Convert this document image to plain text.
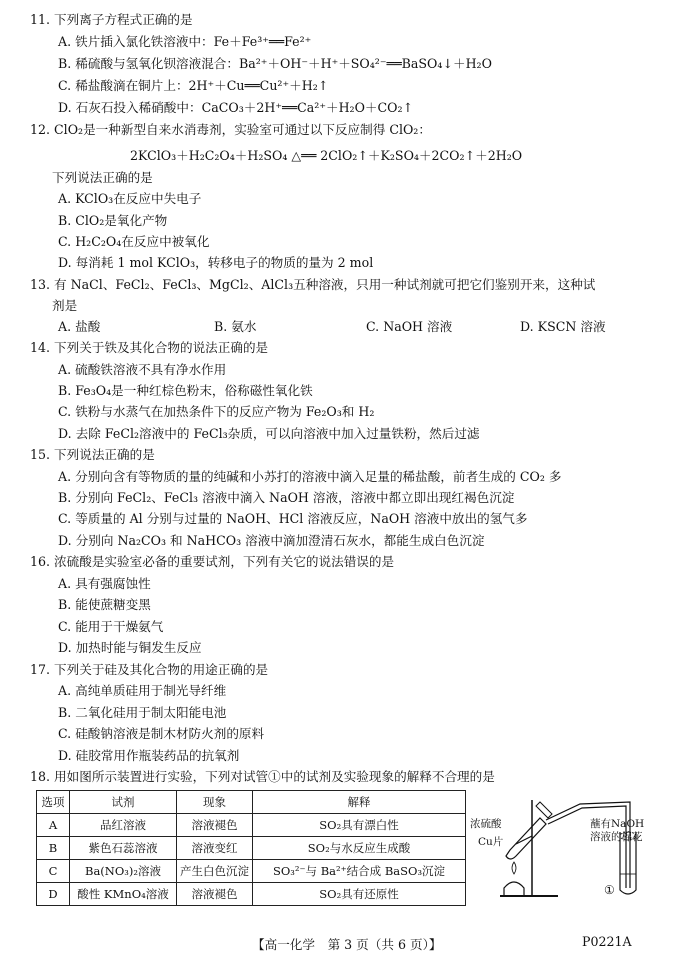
11. 下列离子方程式正确的是
A. 铁片插入氯化铁溶液中：Fe＋Fe³⁺══Fe²⁺
B. 稀硫酸与氢氧化钡溶液混合：Ba²⁺＋OH⁻＋H⁺＋SO₄²⁻══BaSO₄↓＋H₂O
C. 稀盐酸滴在铜片上：2H⁺＋Cu══Cu²⁺＋H₂↑
D. 石灰石投入稀硝酸中：CaCO₃＋2H⁺══Ca²⁺＋H₂O＋CO₂↑
12. ClO₂是一种新型自来水消毒剂，实验室可通过以下反应制得 ClO₂：
2KClO₃＋H₂C₂O₄＋H₂SO₄ △══ 2ClO₂↑＋K₂SO₄＋2CO₂↑＋2H₂O
下列说法正确的是
A. KClO₃在反应中失电子
B. ClO₂是氧化产物
C. H₂C₂O₄在反应中被氧化
D. 每消耗 1 mol KClO₃，转移电子的物质的量为 2 mol
13. 有 NaCl、FeCl₂、FeCl₃、MgCl₂、AlCl₃五种溶液，只用一种试剂就可把它们鉴别开来，这种试
剂是
A. 盐酸	B. 氨水	C. NaOH 溶液	D. KSCN 溶液
14. 下列关于铁及其化合物的说法正确的是
A. 硫酸铁溶液不具有净水作用
B. Fe₃O₄是一种红棕色粉末，俗称磁性氧化铁
C. 铁粉与水蒸气在加热条件下的反应产物为 Fe₂O₃和 H₂
D. 去除 FeCl₂溶液中的 FeCl₃杂质，可以向溶液中加入过量铁粉，然后过滤
15. 下列说法正确的是
A. 分别向含有等物质的量的纯碱和小苏打的溶液中滴入足量的稀盐酸，前者生成的 CO₂ 多
B. 分别向 FeCl₂、FeCl₃ 溶液中滴入 NaOH 溶液，溶液中都立即出现红褐色沉淀
C. 等质量的 Al 分别与过量的 NaOH、HCl 溶液反应，NaOH 溶液中放出的氢气多
D. 分别向 Na₂CO₃ 和 NaHCO₃ 溶液中滴加澄清石灰水，都能生成白色沉淀
16. 浓硫酸是实验室必备的重要试剂，下列有关它的说法错误的是
A. 具有强腐蚀性
B. 能使蔗糖变黑
C. 能用于干燥氨气
D. 加热时能与铜发生反应
17. 下列关于硅及其化合物的用途正确的是
A. 高纯单质硅用于制光导纤维
B. 二氧化硅用于制太阳能电池
C. 硅酸钠溶液是制木材防火剂的原料
D. 硅胶常用作瓶装药品的抗氧剂
18. 用如图所示装置进行实验，下列对试管①中的试剂及实验现象的解释不合理的是
选项	试剂	现象	解释
A	品红溶液	溶液褪色	SO₂具有漂白性
B	紫色石蕊溶液	溶液变红	SO₂与水反应生成酸
C	Ba(NO₃)₂溶液	产生白色沉淀	SO₃²⁻与 Ba²⁺结合成 BaSO₃沉淀
D	酸性 KMnO₄溶液	溶液褪色	SO₂具有还原性
浓硫酸
Cu片
蘸有NaOH
溶液的棉花
①
【高一化学　第 3 页（共 6 页）】	P0221A
